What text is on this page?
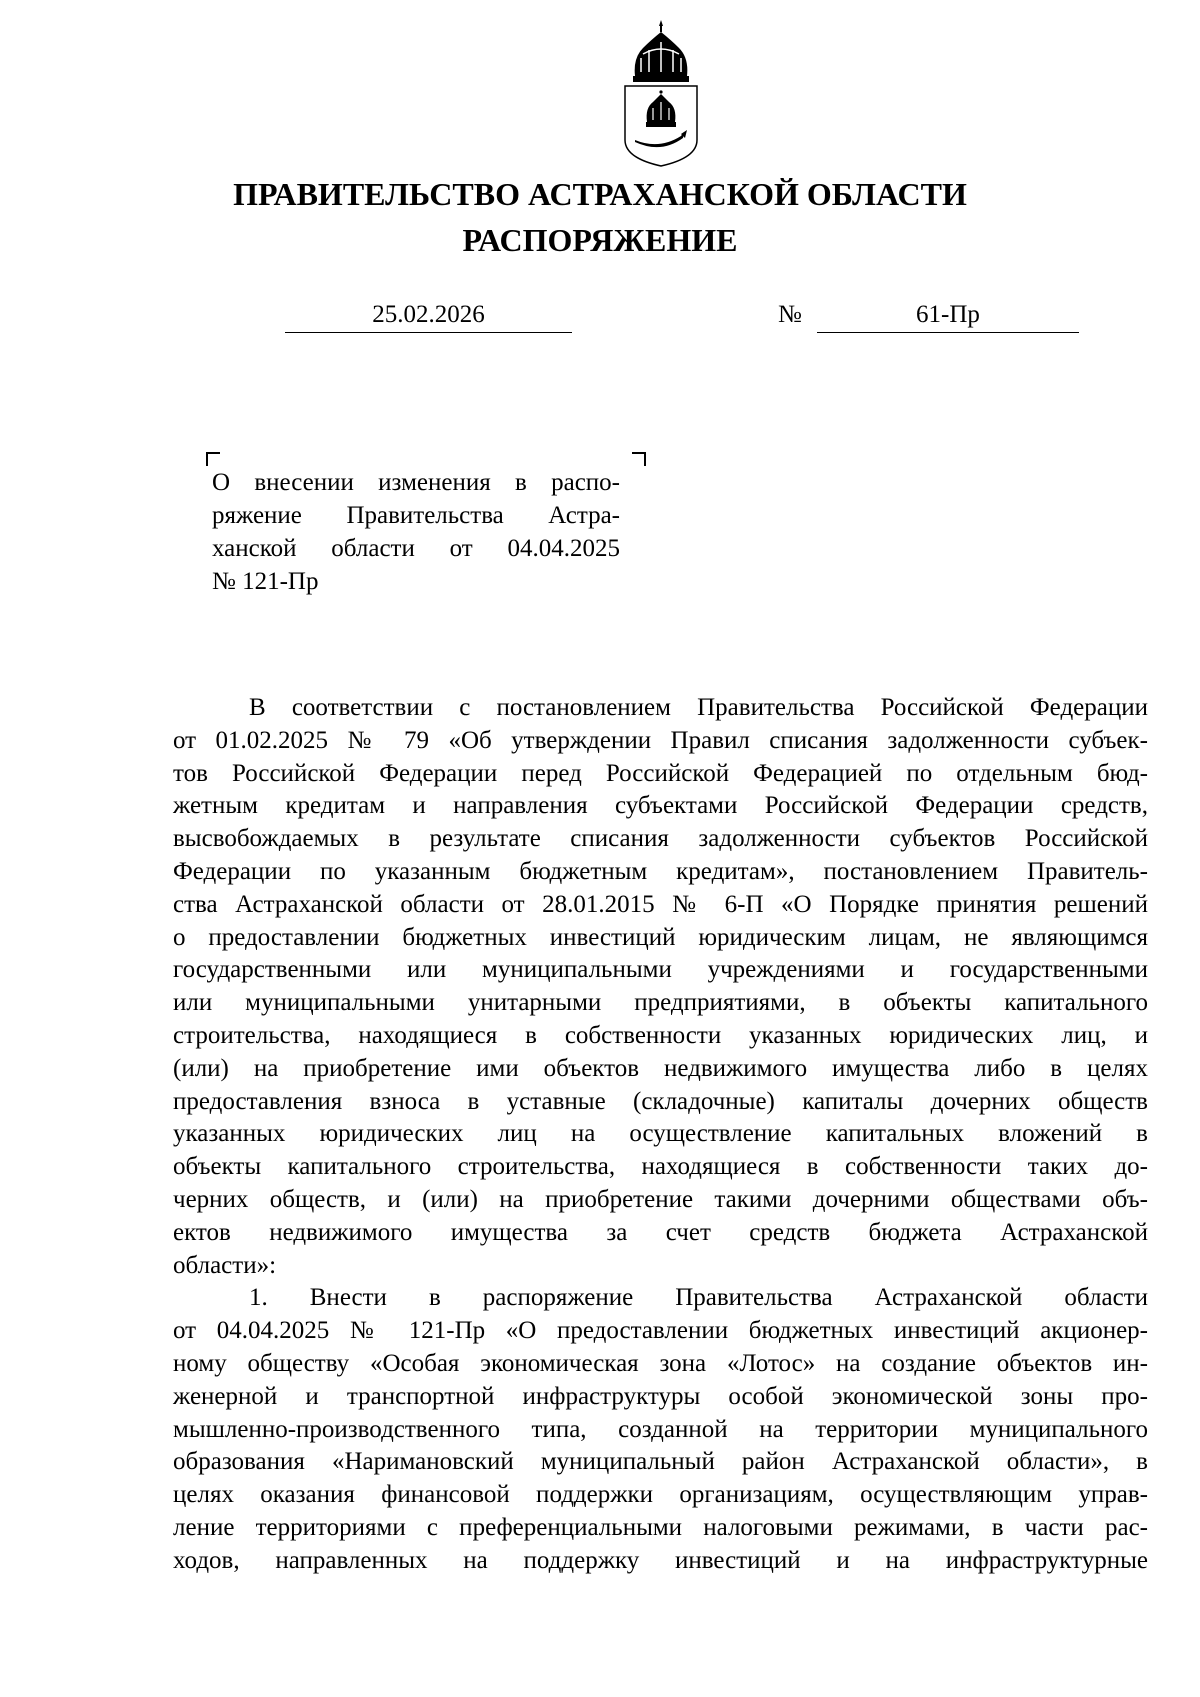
ПРАВИТЕЛЬСТВО АСТРАХАНСКОЙ ОБЛАСТИ
РАСПОРЯЖЕНИЕ
25.02.2026	№	61-Пр
О внесении изменения в распо-
ряжение Правительства Астра-
ханской области от 04.04.2025
№ 121-Пр
В соответствии с постановлением Правительства Российской Федерации
от 01.02.2025 № 79 «Об утверждении Правил списания задолженности субъек-
тов Российской Федерации перед Российской Федерацией по отдельным бюд-
жетным кредитам и направления субъектами Российской Федерации средств,
высвобождаемых в результате списания задолженности субъектов Российской
Федерации по указанным бюджетным кредитам», постановлением Правитель-
ства Астраханской области от 28.01.2015 № 6-П «О Порядке принятия решений
о предоставлении бюджетных инвестиций юридическим лицам, не являющимся
государственными или муниципальными учреждениями и государственными
или муниципальными унитарными предприятиями, в объекты капитального
строительства, находящиеся в собственности указанных юридических лиц, и
(или) на приобретение ими объектов недвижимого имущества либо в целях
предоставления взноса в уставные (складочные) капиталы дочерних обществ
указанных юридических лиц на осуществление капитальных вложений в
объекты капитального строительства, находящиеся в собственности таких до-
черних обществ, и (или) на приобретение такими дочерними обществами объ-
ектов недвижимого имущества за счет средств бюджета Астраханской
области»:
1. Внести в распоряжение Правительства Астраханской области
от 04.04.2025 № 121-Пр «О предоставлении бюджетных инвестиций акционер-
ному обществу «Особая экономическая зона «Лотос» на создание объектов ин-
женерной и транспортной инфраструктуры особой экономической зоны про-
мышленно-производственного типа, созданной на территории муниципального
образования «Наримановский муниципальный район Астраханской области», в
целях оказания финансовой поддержки организациям, осуществляющим управ-
ление территориями с преференциальными налоговыми режимами, в части рас-
ходов, направленных на поддержку инвестиций и на инфраструктурные
